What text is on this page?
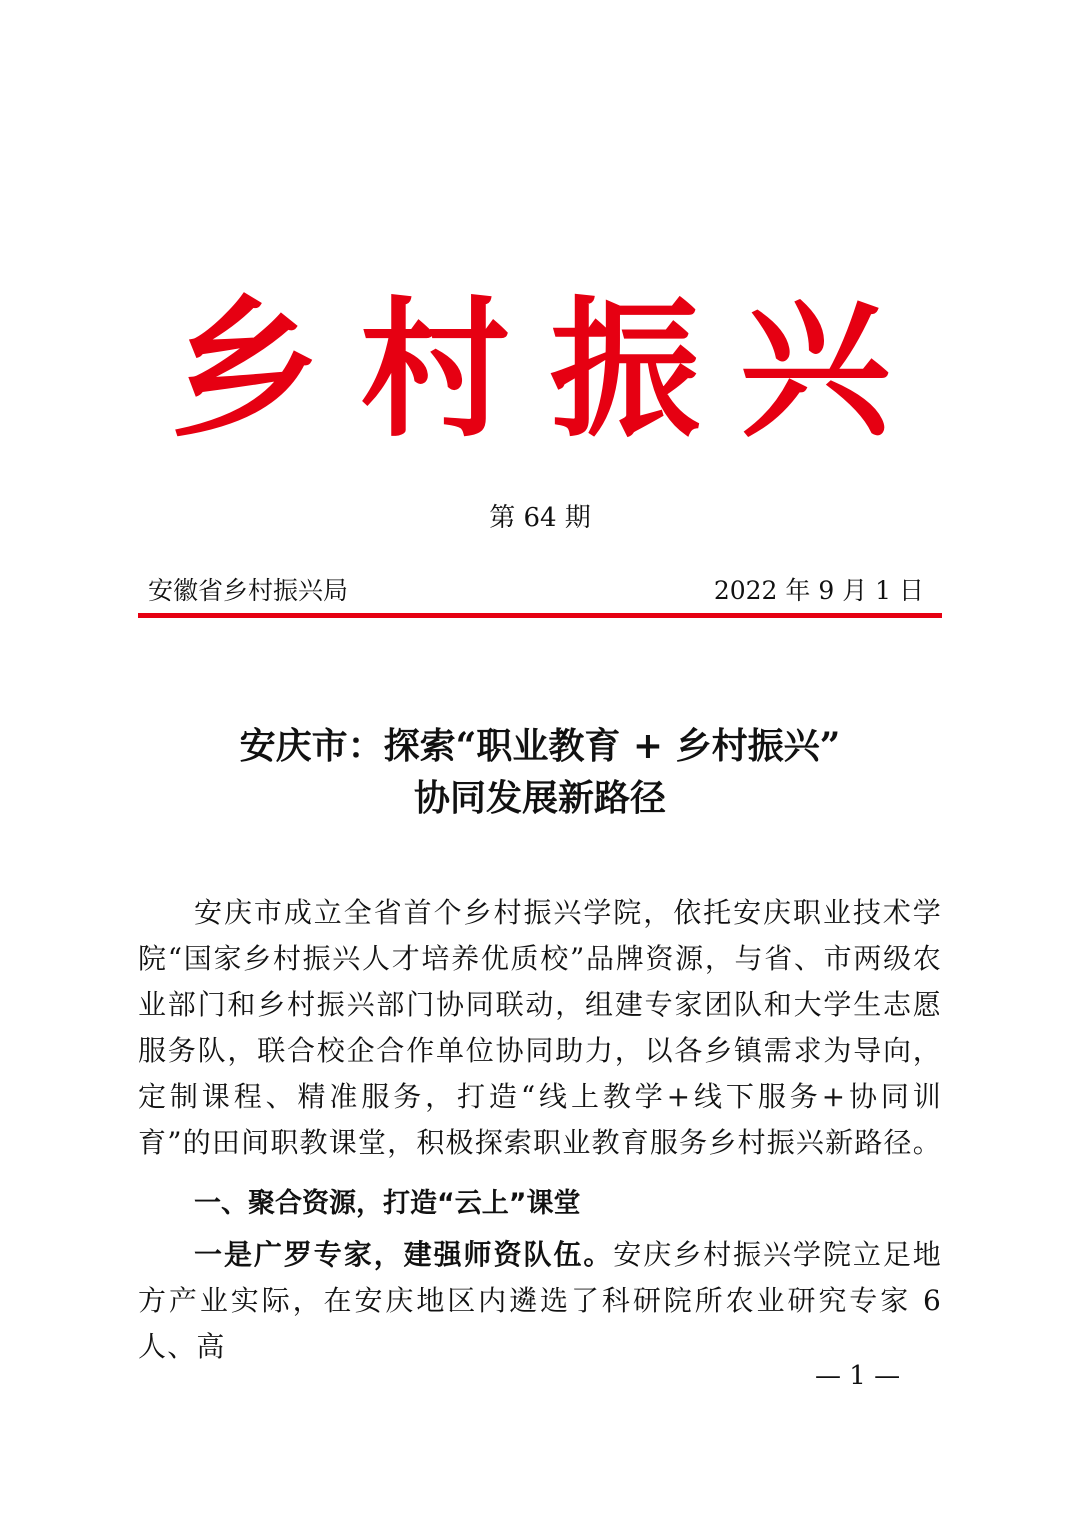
乡村振兴
第 64 期
安徽省乡村振兴局	2022 年 9 月 1 日
安庆市：探索“职业教育 + 乡村振兴”
协同发展新路径

安庆市成立全省首个乡村振兴学院，依托安庆职业技术学院“国家乡村振兴人才培养优质校”品牌资源，与省、市两级农业部门和乡村振兴部门协同联动，组建专家团队和大学生志愿服务队，联合校企合作单位协同助力，以各乡镇需求为导向，定制课程、精准服务，打造“线上教学+线下服务+协同训育”的田间职教课堂，积极探索职业教育服务乡村振兴新路径。

一、聚合资源，打造“云上”课堂

一是广罗专家，建强师资队伍。安庆乡村振兴学院立足地方产业实际，在安庆地区内遴选了科研院所农业研究专家 6 人、高

— 1 —
